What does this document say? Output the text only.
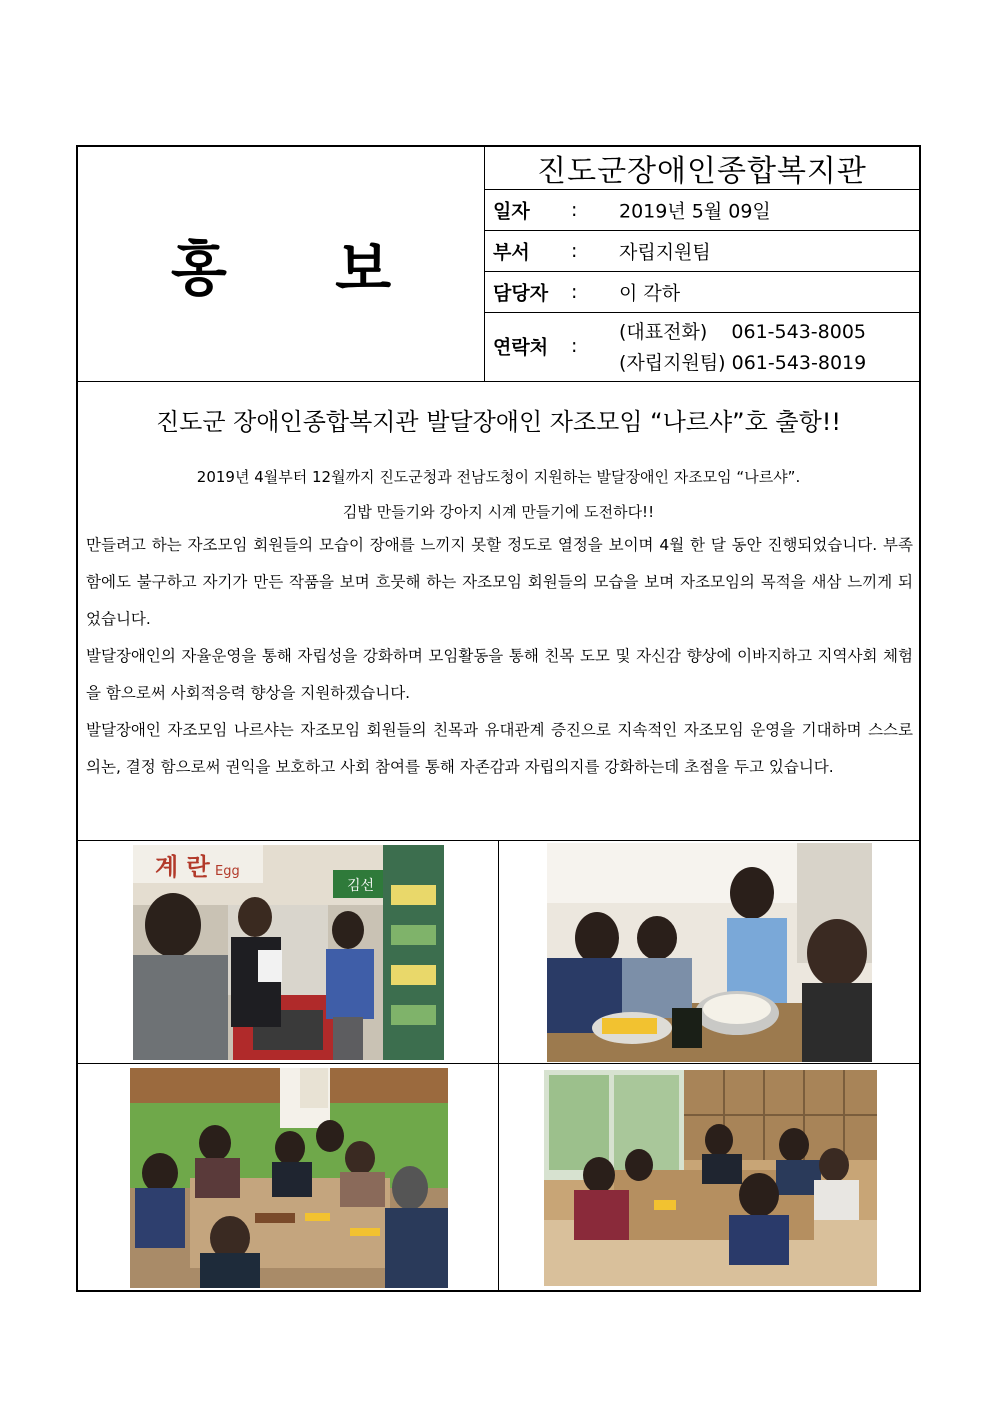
홍 보
진도군장애인종합복지관
일자 : 2019년 5월 09일
부서 : 자립지원팀
담당자 : 이 각하
연락처 :
(대표전화)    061-543-8005
(자립지원팀) 061-543-8019
진도군 장애인종합복지관 발달장애인 자조모임 “나르샤”호 출항!!
2019년 4월부터 12월까지 진도군청과 전남도청이 지원하는 발달장애인 자조모임 “나르샤”.
김밥 만들기와 강아지 시계 만들기에 도전하다!!
만들려고 하는 자조모임 회원들의 모습이 장애를 느끼지 못할 정도로 열정을 보이며 4월 한 달 동안 진행되었습니다. 부족함에도 불구하고 자기가 만든 작품을 보며 흐뭇해 하는 자조모임 회원들의 모습을 보며 자조모임의 목적을 새삼 느끼게 되었습니다.
발달장애인의 자율운영을 통해 자립성을 강화하며 모임활동을 통해 친목 도모 및 자신감 향상에 이바지하고 지역사회 체험을 함으로써 사회적응력 향상을 지원하겠습니다.
발달장애인 자조모임 나르샤는 자조모임 회원들의 친목과 유대관계 증진으로 지속적인 자조모임 운영을 기대하며 스스로 의논, 결정 함으로써 권익을 보호하고 사회 참여를 통해 자존감과 자립의지를 강화하는데 초점을 두고 있습니다.
계 란 Egg
김선
